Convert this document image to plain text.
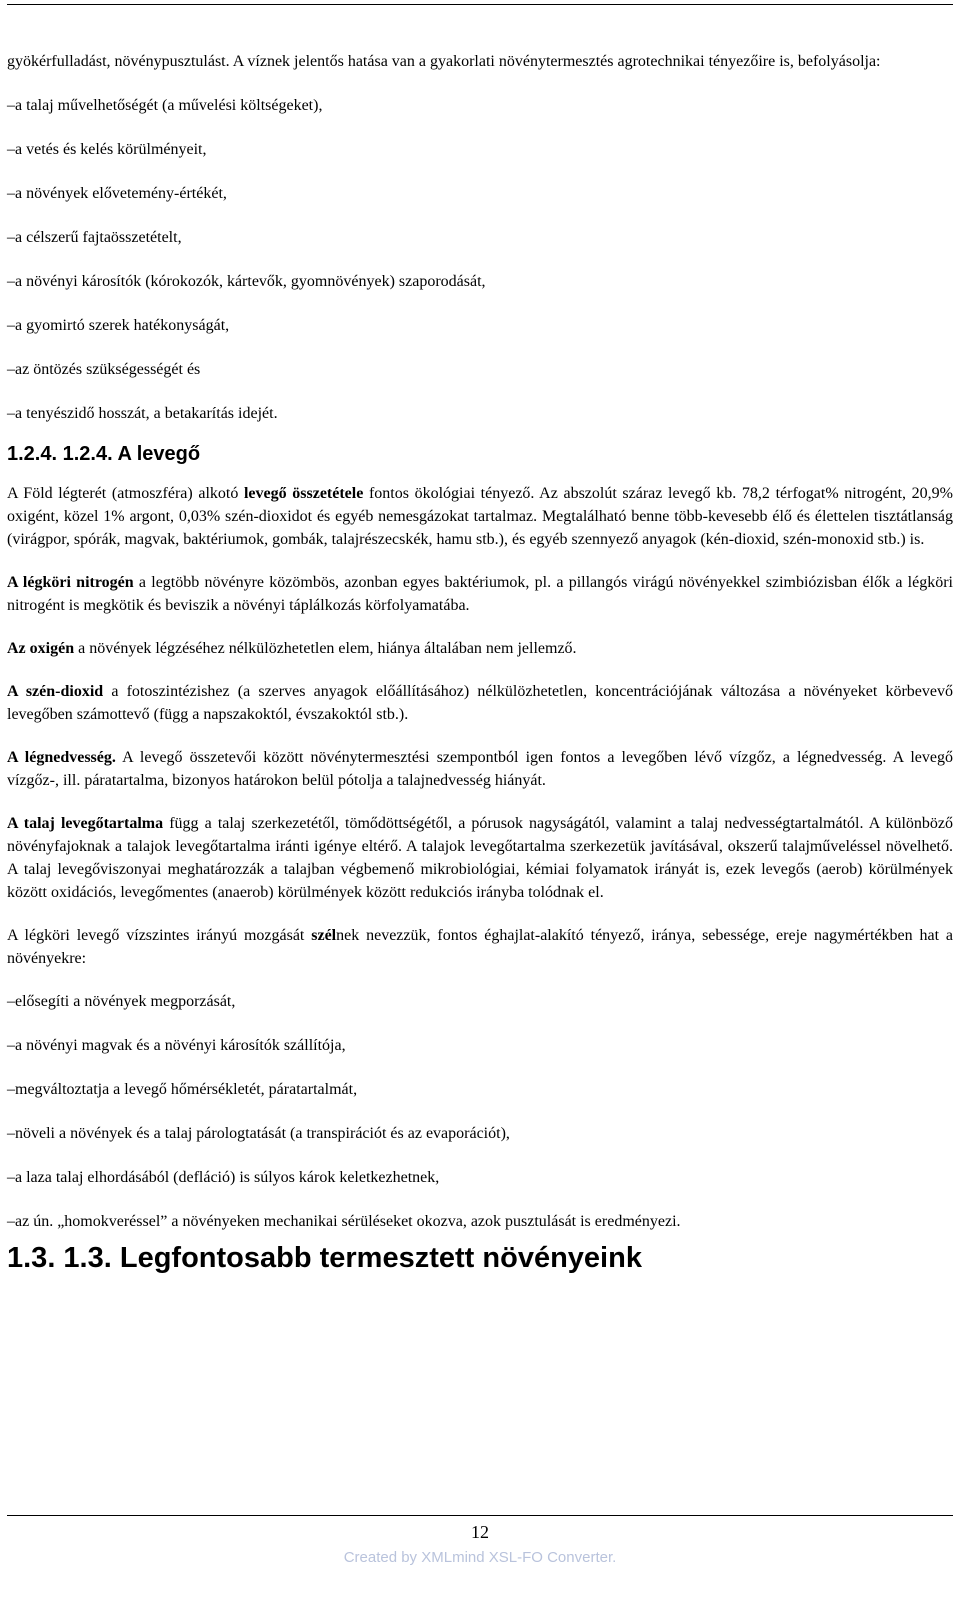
gyökérfulladást, növénypusztulást. A víznek jelentős hatása van a gyakorlati növénytermesztés agrotechnikai tényezőire is, befolyásolja:

–a talaj művelhetőségét (a művelési költségeket),
–a vetés és kelés körülményeit,
–a növények elővetemény-értékét,
–a célszerű fajtaösszetételt,
–a növényi károsítók (kórokozók, kártevők, gyomnövények) szaporodását,
–a gyomirtó szerek hatékonyságát,
–az öntözés szükségességét és
–a tenyészidő hosszát, a betakarítás idejét.
1.2.4. 1.2.4. A levegő

A Föld légterét (atmoszféra) alkotó levegő összetétele fontos ökológiai tényező. Az abszolút száraz levegő kb. 78,2 térfogat% nitrogént, 20,9% oxigént, közel 1% argont, 0,03% szén-dioxidot és egyéb nemesgázokat tartalmaz. Megtalálható benne több-kevesebb élő és élettelen tisztátlanság (virágpor, spórák, magvak, baktériumok, gombák, talajrészecskék, hamu stb.), és egyéb szennyező anyagok (kén-dioxid, szén-monoxid stb.) is.

A légköri nitrogén a legtöbb növényre közömbös, azonban egyes baktériumok, pl. a pillangós virágú növényekkel szimbiózisban élők a légköri nitrogént is megkötik és beviszik a növényi táplálkozás körfolyamatába.

Az oxigén a növények légzéséhez nélkülözhetetlen elem, hiánya általában nem jellemző.

A szén-dioxid a fotoszintézishez (a szerves anyagok előállításához) nélkülözhetetlen, koncentrációjának változása a növényeket körbevevő levegőben számottevő (függ a napszakoktól, évszakoktól stb.).

A légnedvesség. A levegő összetevői között növénytermesztési szempontból igen fontos a levegőben lévő vízgőz, a légnedvesség. A levegő vízgőz-, ill. páratartalma, bizonyos határokon belül pótolja a talajnedvesség hiányát.

A talaj levegőtartalma függ a talaj szerkezetétől, tömődöttségétől, a pórusok nagyságától, valamint a talaj nedvességtartalmától. A különböző növényfajoknak a talajok levegőtartalma iránti igénye eltérő. A talajok levegőtartalma szerkezetük javításával, okszerű talajműveléssel növelhető. A talaj levegőviszonyai meghatározzák a talajban végbemenő mikrobiológiai, kémiai folyamatok irányát is, ezek levegős (aerob) körülmények között oxidációs, levegőmentes (anaerob) körülmények között redukciós irányba tolódnak el.

A légköri levegő vízszintes irányú mozgását szélnek nevezzük, fontos éghajlat-alakító tényező, iránya, sebessége, ereje nagymértékben hat a növényekre:

–elősegíti a növények megporzását,
–a növényi magvak és a növényi károsítók szállítója,
–megváltoztatja a levegő hőmérsékletét, páratartalmát,
–növeli a növények és a talaj párologtatását (a transpirációt és az evaporációt),
–a laza talaj elhordásából (defláció) is súlyos károk keletkezhetnek,
–az ún. „homokveréssel” a növényeken mechanikai sérüléseket okozva, azok pusztulását is eredményezi.
1.3. 1.3. Legfontosabb termesztett növényeink
12
Created by XMLmind XSL-FO Converter.
